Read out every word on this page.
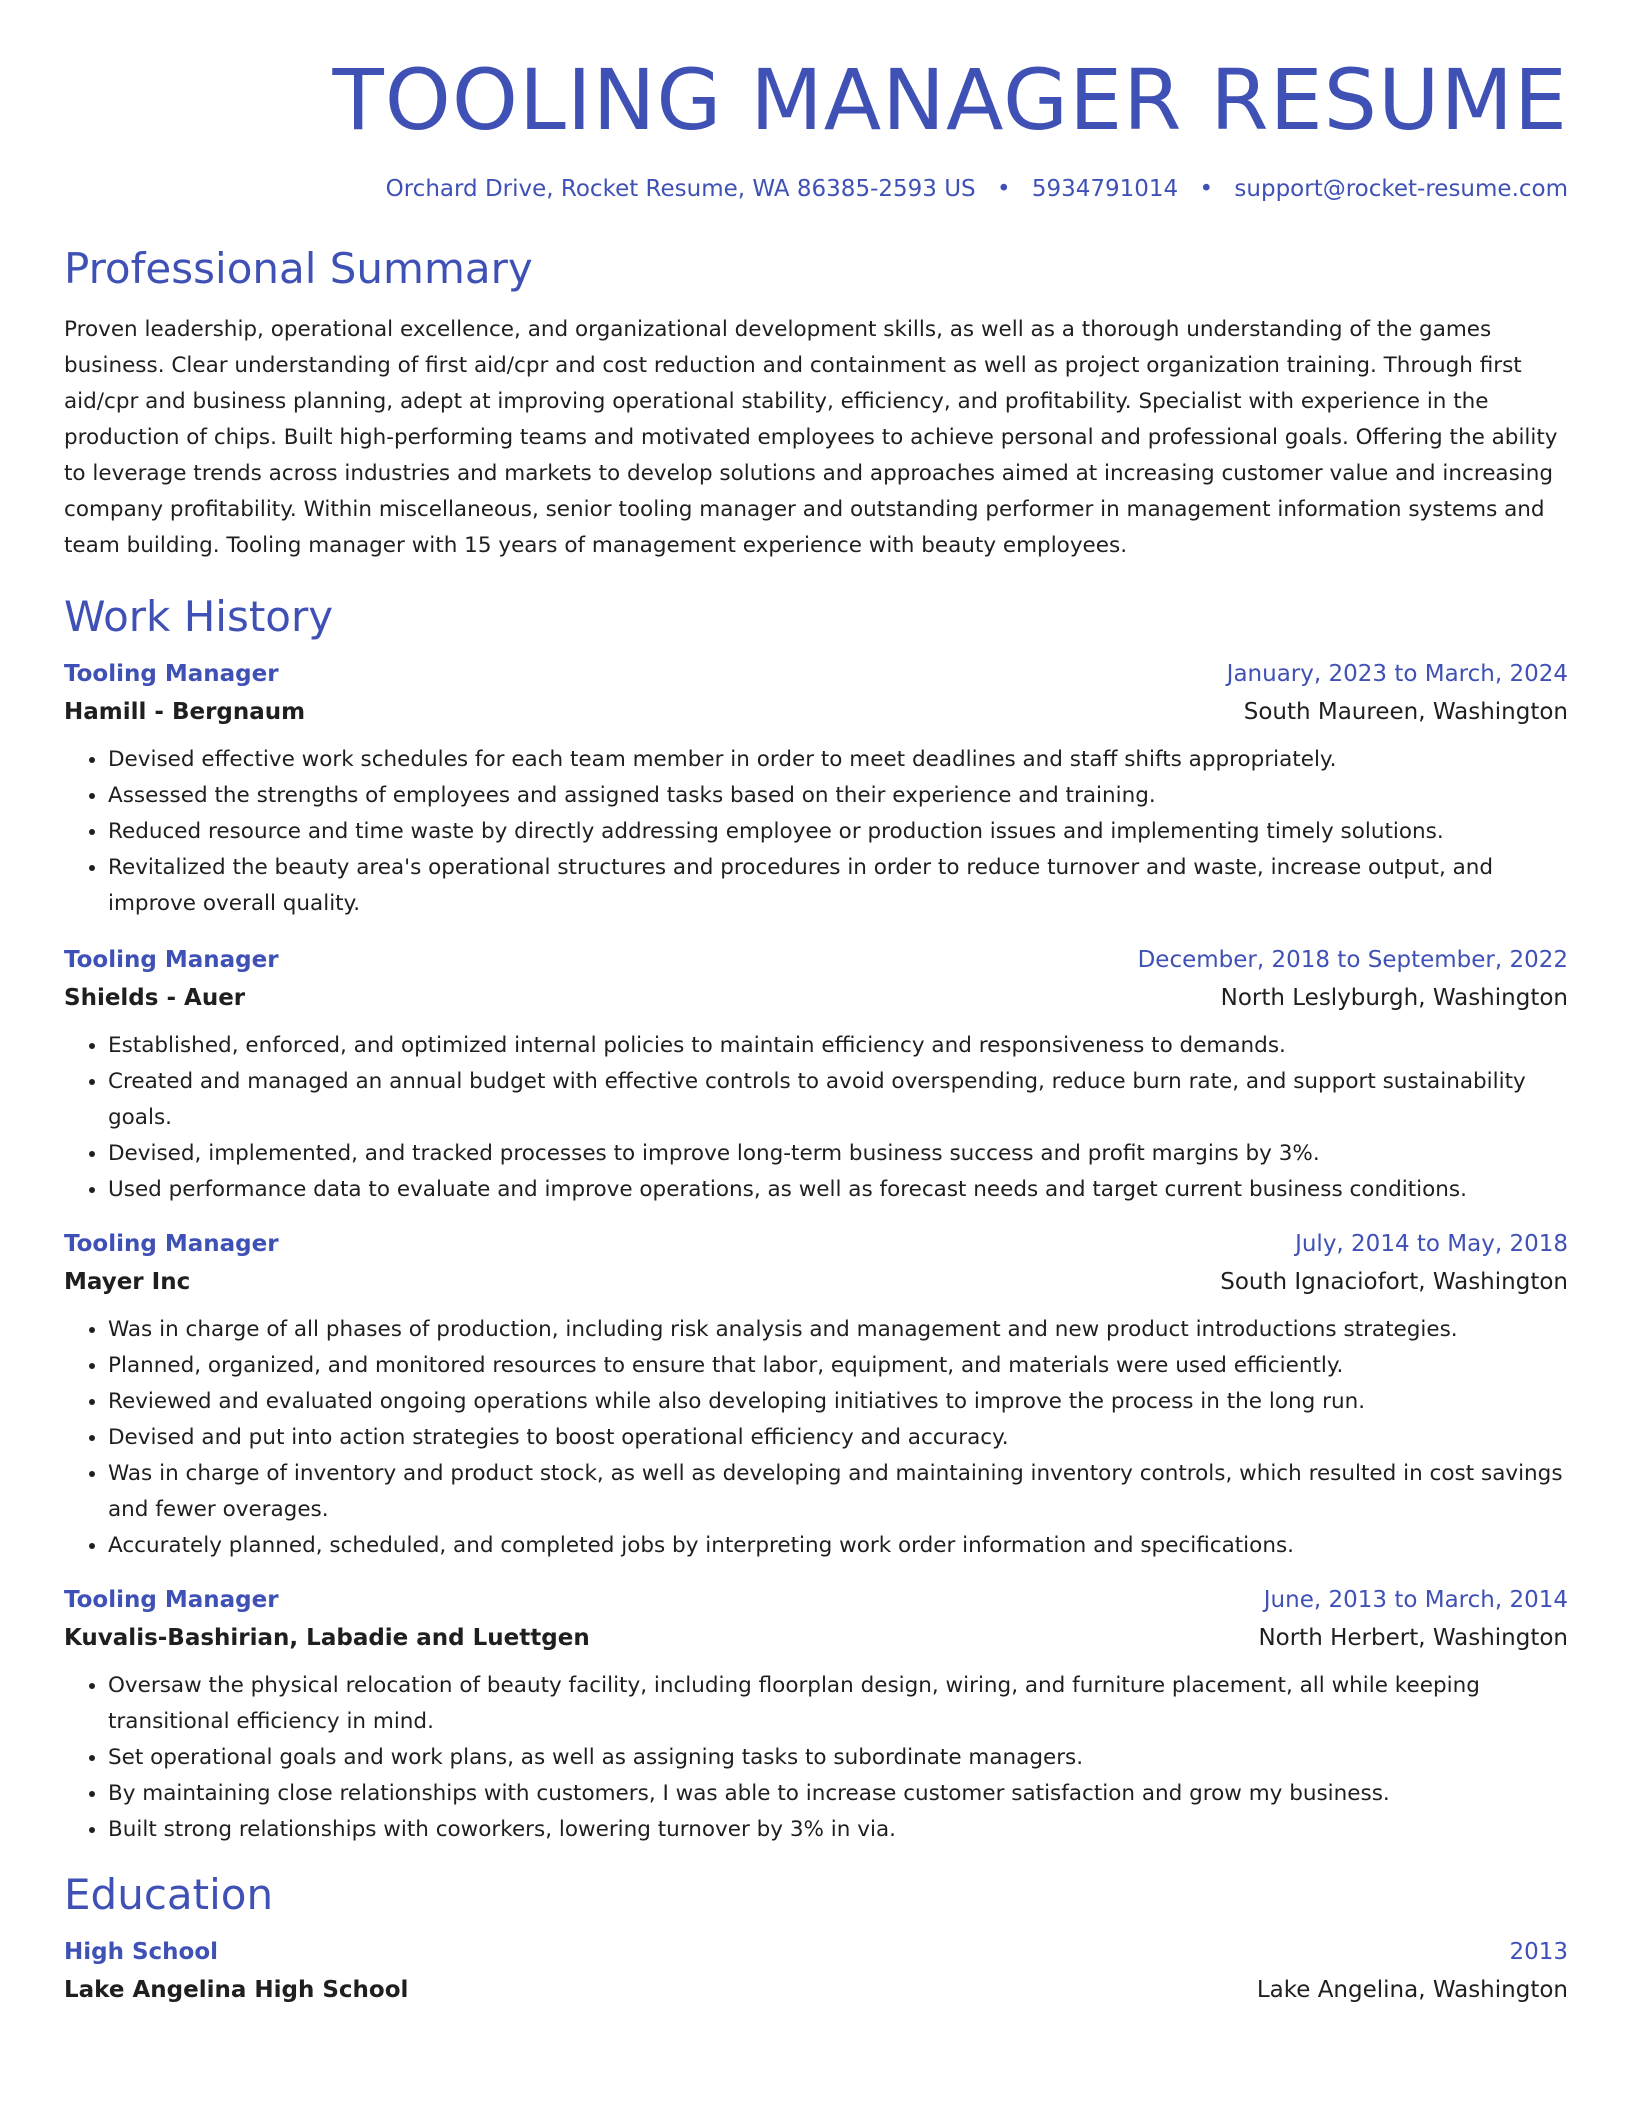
TOOLING MANAGER RESUME
Orchard Drive, Rocket Resume, WA 86385-2593 US • 5934791014 • support@rocket-resume.com
Professional Summary

Proven leadership, operational excellence, and organizational development skills, as well as a thorough understanding of the games business. Clear understanding of first aid/cpr and cost reduction and containment as well as project organization training. Through first aid/cpr and business planning, adept at improving operational stability, efficiency, and profitability. Specialist with experience in the production of chips. Built high-performing teams and motivated employees to achieve personal and professional goals. Offering the ability to leverage trends across industries and markets to develop solutions and approaches aimed at increasing customer value and increasing company profitability. Within miscellaneous, senior tooling manager and outstanding performer in management information systems and team building. Tooling manager with 15 years of management experience with beauty employees.

Work History
Tooling Manager	January, 2023 to March, 2024
Hamill - Bergnaum	South Maureen, Washington
• Devised effective work schedules for each team member in order to meet deadlines and staff shifts appropriately.
• Assessed the strengths of employees and assigned tasks based on their experience and training.
• Reduced resource and time waste by directly addressing employee or production issues and implementing timely solutions.
• Revitalized the beauty area's operational structures and procedures in order to reduce turnover and waste, increase output, and improve overall quality.
Tooling Manager	December, 2018 to September, 2022
Shields - Auer	North Leslyburgh, Washington
• Established, enforced, and optimized internal policies to maintain efficiency and responsiveness to demands.
• Created and managed an annual budget with effective controls to avoid overspending, reduce burn rate, and support sustainability goals.
• Devised, implemented, and tracked processes to improve long-term business success and profit margins by 3%.
• Used performance data to evaluate and improve operations, as well as forecast needs and target current business conditions.
Tooling Manager	July, 2014 to May, 2018
Mayer Inc	South Ignaciofort, Washington
• Was in charge of all phases of production, including risk analysis and management and new product introductions strategies.
• Planned, organized, and monitored resources to ensure that labor, equipment, and materials were used efficiently.
• Reviewed and evaluated ongoing operations while also developing initiatives to improve the process in the long run.
• Devised and put into action strategies to boost operational efficiency and accuracy.
• Was in charge of inventory and product stock, as well as developing and maintaining inventory controls, which resulted in cost savings and fewer overages.
• Accurately planned, scheduled, and completed jobs by interpreting work order information and specifications.
Tooling Manager	June, 2013 to March, 2014
Kuvalis-Bashirian, Labadie and Luettgen	North Herbert, Washington
• Oversaw the physical relocation of beauty facility, including floorplan design, wiring, and furniture placement, all while keeping transitional efficiency in mind.
• Set operational goals and work plans, as well as assigning tasks to subordinate managers.
• By maintaining close relationships with customers, I was able to increase customer satisfaction and grow my business.
• Built strong relationships with coworkers, lowering turnover by 3% in via.
Education
High School	2013
Lake Angelina High School	Lake Angelina, Washington
